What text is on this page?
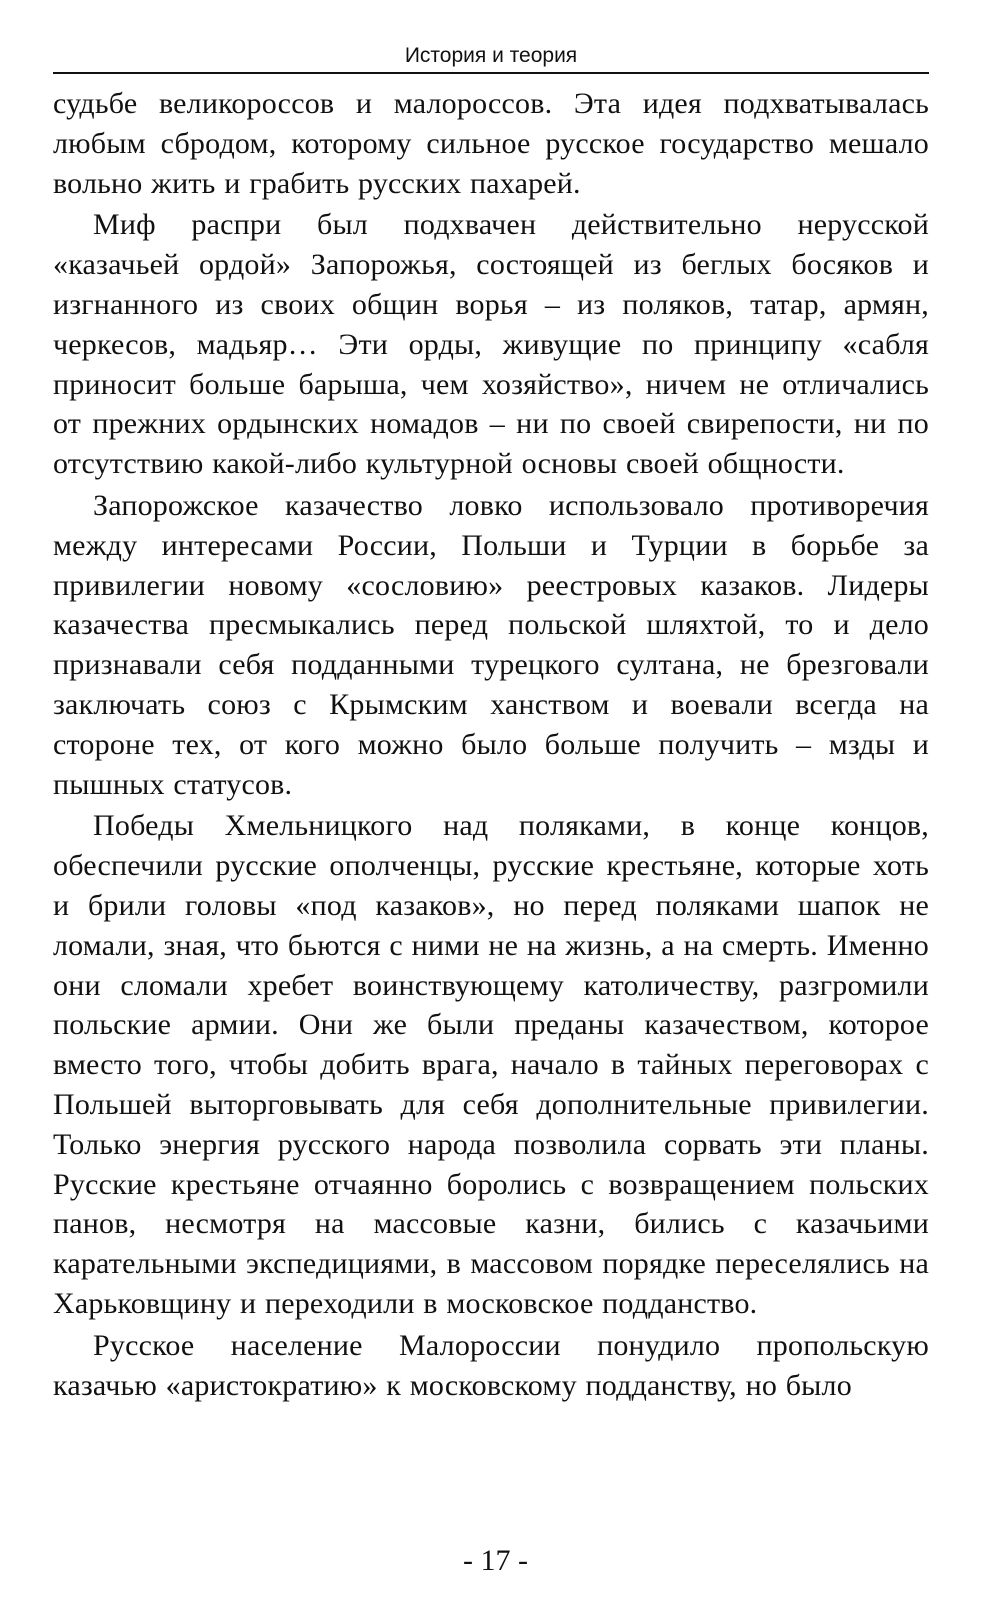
История и теория

судьбе великороссов и малороссов. Эта идея подхватывалась любым сбродом, которому сильное русское государство мешало вольно жить и грабить русских пахарей.

Миф распри был подхвачен действительно нерусской «казачьей ордой» Запорожья, состоящей из беглых босяков и изгнанного из своих общин ворья – из поляков, татар, армян, черкесов, мадьяр… Эти орды, живущие по принципу «сабля приносит больше барыша, чем хозяйство», ничем не отличались от прежних ордынских номадов – ни по своей свирепости, ни по отсутствию какой-либо культурной основы своей общности.

Запорожское казачество ловко использовало противоречия между интересами России, Польши и Турции в борьбе за привилегии новому «сословию» реестровых казаков. Лидеры казачества пресмыкались перед польской шляхтой, то и дело признавали себя подданными турецкого султана, не брезговали заключать союз с Крымским ханством и воевали всегда на стороне тех, от кого можно было больше получить – мзды и пышных статусов.

Победы Хмельницкого над поляками, в конце концов, обеспечили русские ополченцы, русские крестьяне, которые хоть и брили головы «под казаков», но перед поляками шапок не ломали, зная, что бьются с ними не на жизнь, а на смерть. Именно они сломали хребет воинствующему католичеству, разгромили польские армии. Они же были преданы казачеством, которое вместо того, чтобы добить врага, начало в тайных переговорах с Польшей выторговывать для себя дополнительные привилегии. Только энергия русского народа позволила сорвать эти планы. Русские крестьяне отчаянно боролись с возвращением польских панов, несмотря на массовые казни, бились с казачьими карательными экспедициями, в массовом порядке переселялись на Харьковщину и переходили в московское подданство.

Русское население Малороссии понудило пропольскую казачью «аристократию» к московскому подданству, но было

- 17 -
